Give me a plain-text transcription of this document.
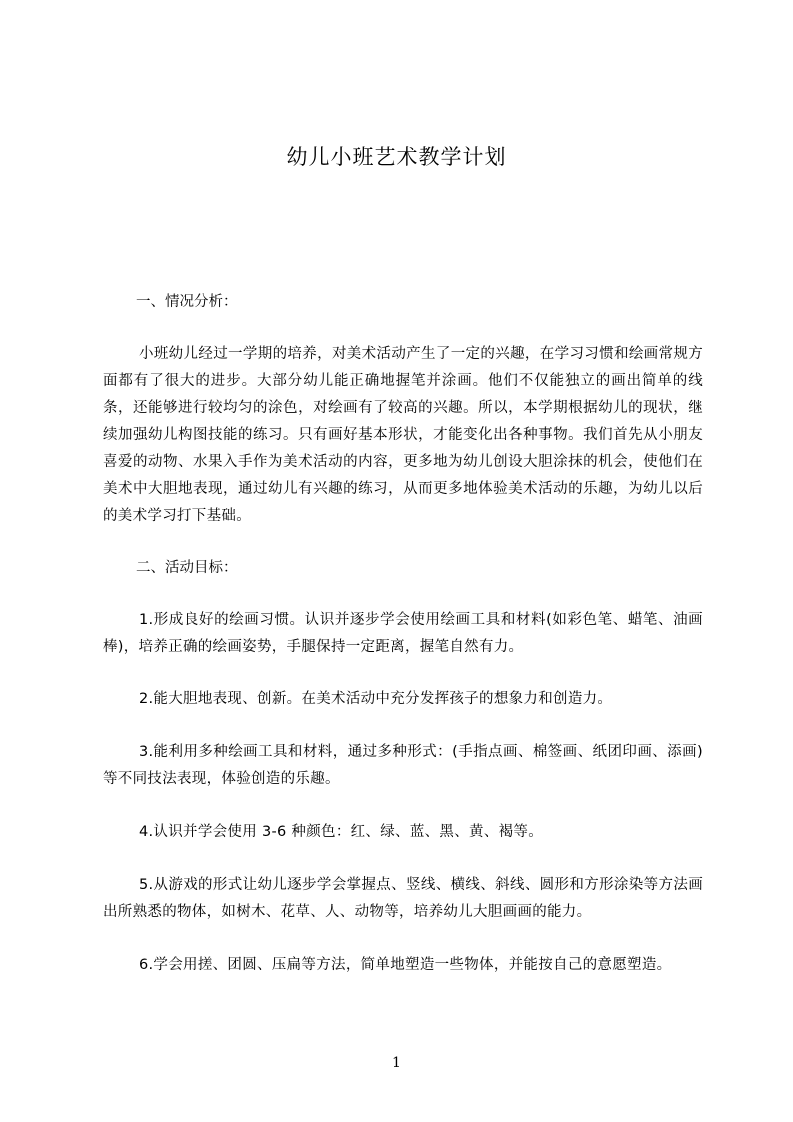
幼儿小班艺术教学计划
一、情况分析：
小班幼儿经过一学期的培养，对美术活动产生了一定的兴趣，在学习习惯和绘画常规方面都有了很大的进步。大部分幼儿能正确地握笔并涂画。他们不仅能独立的画出简单的线条，还能够进行较均匀的涂色，对绘画有了较高的兴趣。所以，本学期根据幼儿的现状，继续加强幼儿构图技能的练习。只有画好基本形状，才能变化出各种事物。我们首先从小朋友喜爱的动物、水果入手作为美术活动的内容，更多地为幼儿创设大胆涂抹的机会，使他们在美术中大胆地表现，通过幼儿有兴趣的练习，从而更多地体验美术活动的乐趣，为幼儿以后的美术学习打下基础。
二、活动目标：
1.形成良好的绘画习惯。认识并逐步学会使用绘画工具和材料(如彩色笔、蜡笔、油画棒)，培养正确的绘画姿势，手腿保持一定距离，握笔自然有力。
2.能大胆地表现、创新。在美术活动中充分发挥孩子的想象力和创造力。
3.能利用多种绘画工具和材料，通过多种形式：(手指点画、棉签画、纸团印画、添画)等不同技法表现，体验创造的乐趣。
4.认识并学会使用 3-6 种颜色：红、绿、蓝、黑、黄、褐等。
5.从游戏的形式让幼儿逐步学会掌握点、竖线、横线、斜线、圆形和方形涂染等方法画出所熟悉的物体，如树木、花草、人、动物等，培养幼儿大胆画画的能力。
6.学会用搓、团圆、压扁等方法，简单地塑造一些物体，并能按自己的意愿塑造。
1
